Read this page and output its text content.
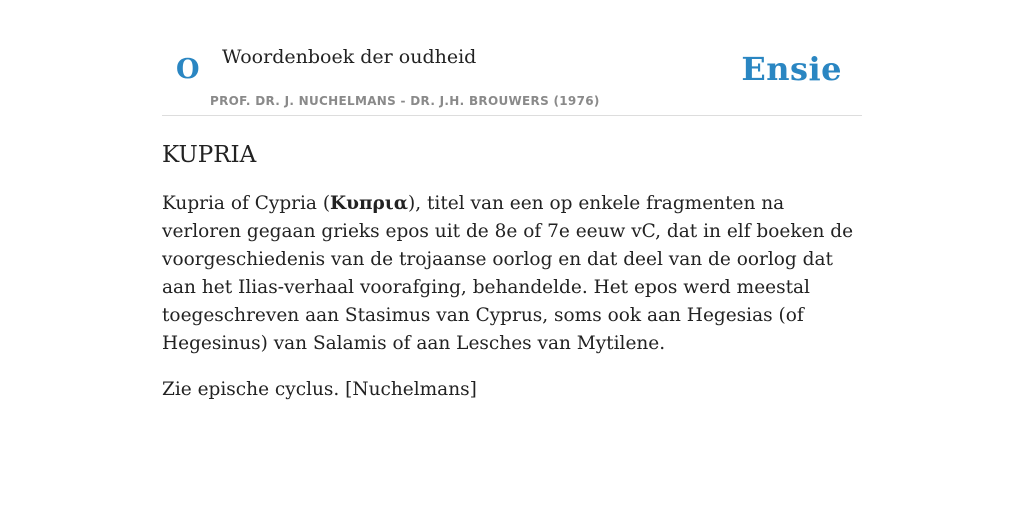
O Woordenboek der oudheid
PROF. DR. J. NUCHELMANS - DR. J.H. BROUWERS (1976)
Ensie
KUPRIA

Kupria of Cypria (Κυπρια), titel van een op enkele fragmenten na verloren gegaan grieks epos uit de 8e of 7e eeuw vC, dat in elf boeken de voorgeschiedenis van de trojaanse oorlog en dat deel van de oorlog dat aan het Ilias-verhaal voorafging, behandelde. Het epos werd meestal toegeschreven aan Stasimus van Cyprus, soms ook aan Hegesias (of Hegesinus) van Salamis of aan Lesches van Mytilene.

Zie epische cyclus. [Nuchelmans]
